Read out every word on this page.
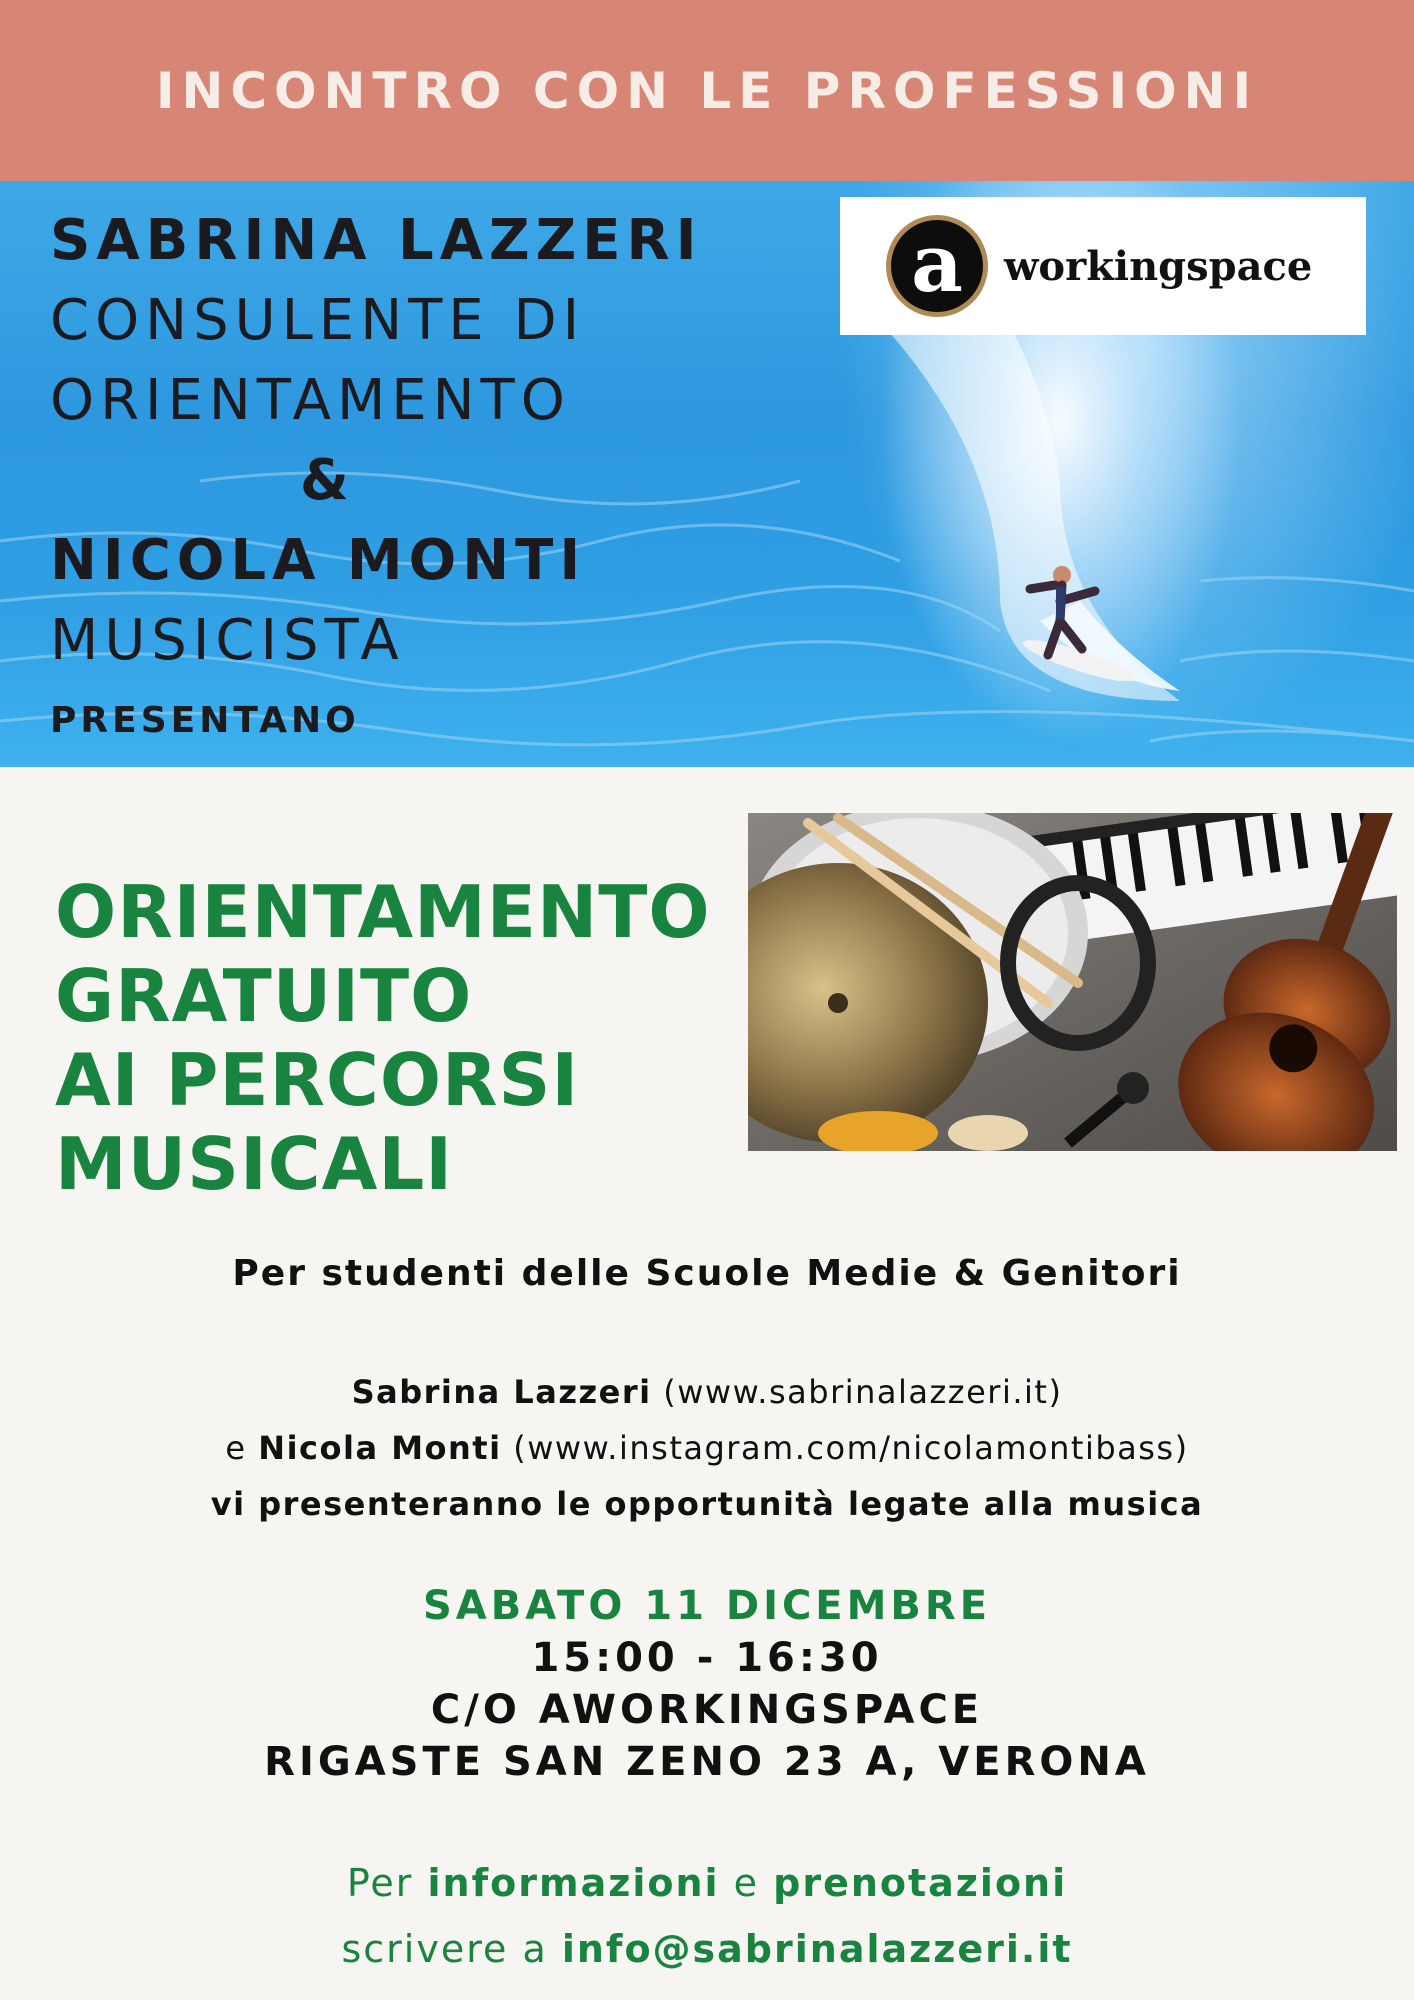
INCONTRO CON LE PROFESSIONI
SABRINA LAZZERI
CONSULENTE DI
ORIENTAMENTO
&
NICOLA MONTI
MUSICISTA
PRESENTANO
a workingspace
ORIENTAMENTO
GRATUITO
AI PERCORSI
MUSICALI
Per studenti delle Scuole Medie & Genitori
Sabrina Lazzeri (www.sabrinalazzeri.it)
e Nicola Monti (www.instagram.com/nicolamontibass)
vi presenteranno le opportunità legate alla musica
SABATO 11 DICEMBRE
15:00 - 16:30
C/O AWORKINGSPACE
RIGASTE SAN ZENO 23 A, VERONA
Per informazioni e prenotazioni
scrivere a info@sabrinalazzeri.it
